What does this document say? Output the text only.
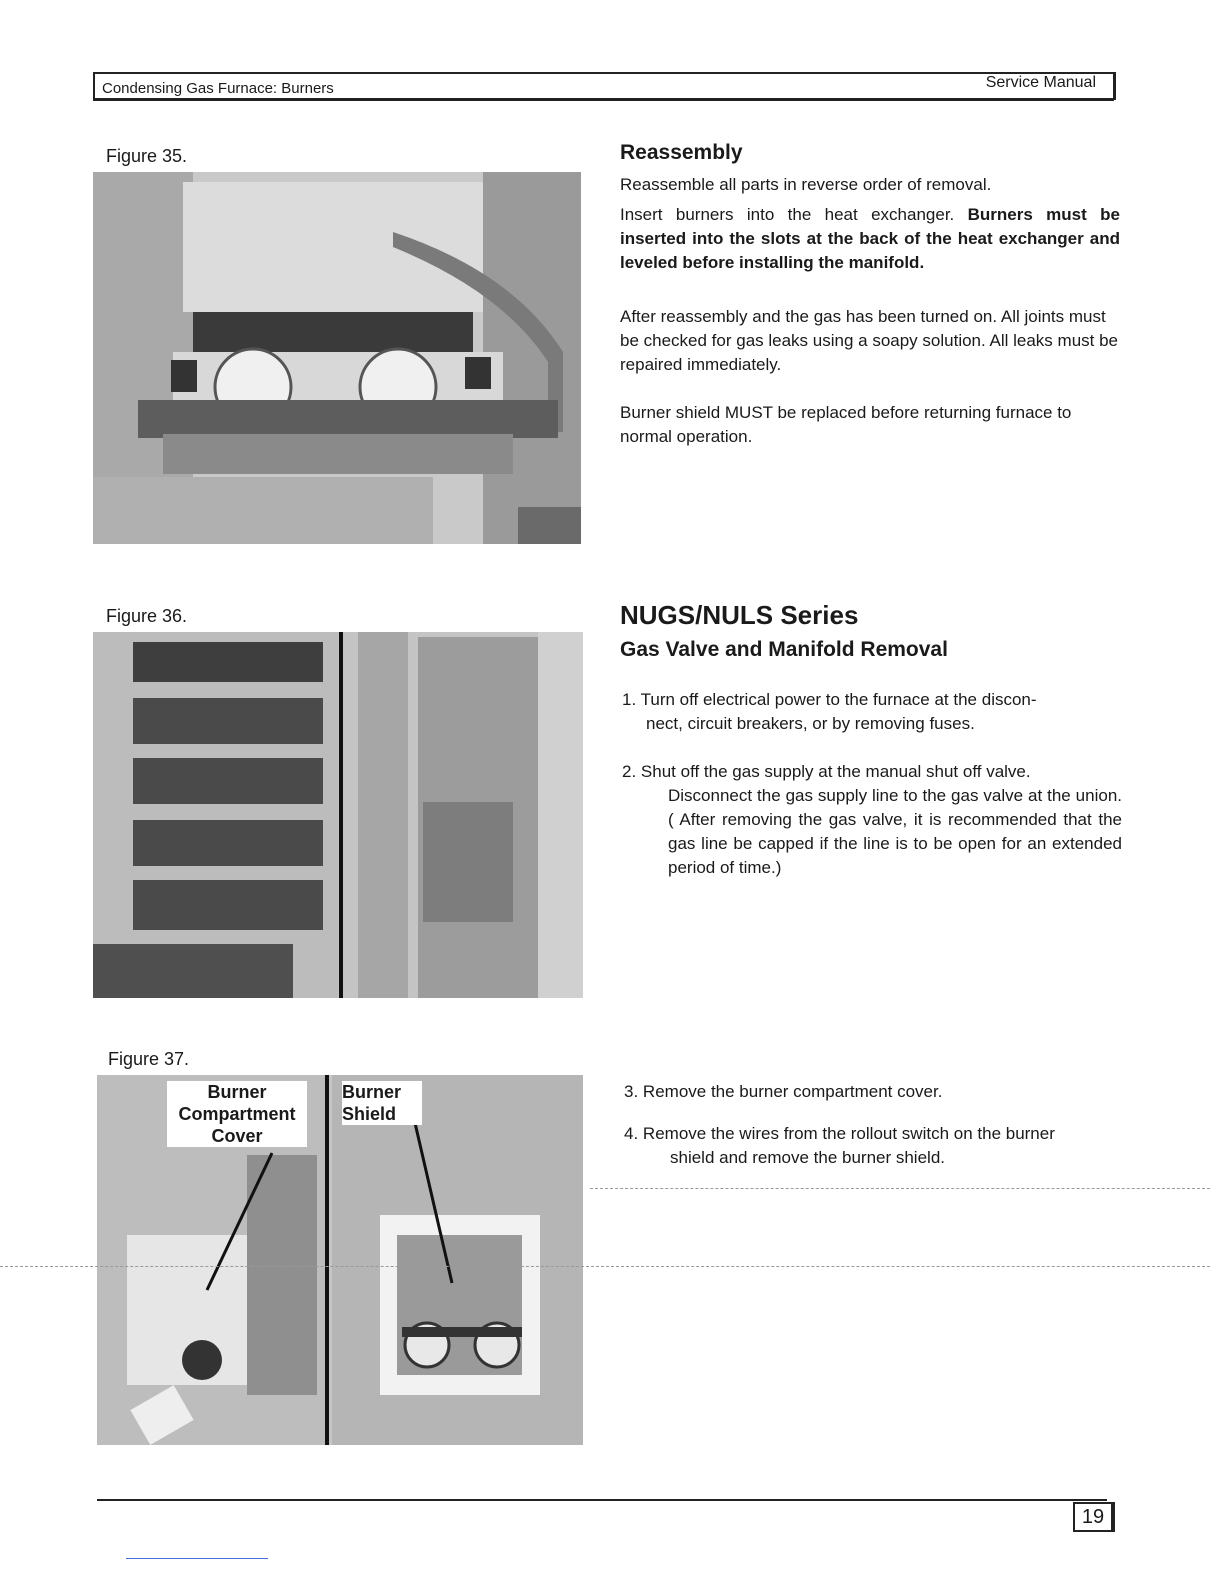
Condensing Gas Furnace: Burners	Service Manual
Figure 35.	Reassembly

Reassemble all parts in reverse order of removal.

Insert burners into the heat exchanger. Burners must be inserted into the slots at the back of the heat exchanger and leveled before installing the manifold.

After reassembly and the gas has been turned on. All joints must be checked for gas leaks using a soapy solution. All leaks must be repaired immediately.

Burner shield MUST be replaced before returning furnace to normal operation.

Figure 36.	NUGS/NULS Series
Gas Valve and Manifold Removal
1. Turn off electrical power to the furnace at the discon-
nect, circuit breakers, or by removing fuses.
2. Shut off the gas supply at the manual shut off valve.
Disconnect the gas supply line to the gas valve at the union. ( After removing the gas valve, it is recommended that the gas line be capped if the line is to be open for an extended period of time.)
Figure 37.
Burner
Compartment
Cover
Burner
Shield
3. Remove the burner compartment cover.
4. Remove the wires from the rollout switch on the burner
shield and remove the burner shield.
19
